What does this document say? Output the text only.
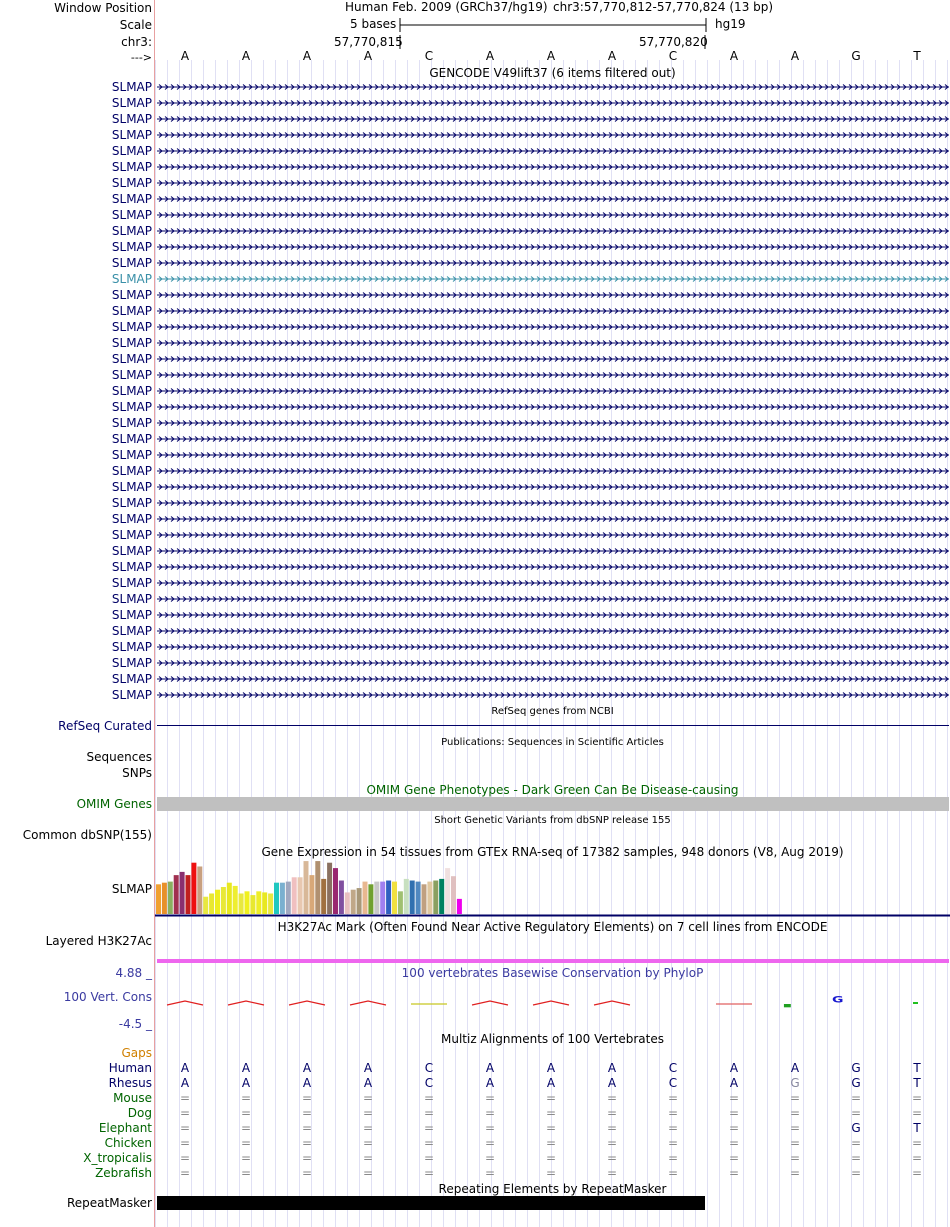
Window Position
Scale
chr3:
--->
Human Feb. 2009 (GRCh37/hg19) chr3:57,770,812-57,770,824 (13 bp)
5 bases	hg19
57,770,815	57,770,820
A	A	A	A	C	A	A	A	C	A	A	G	T
GENCODE V49lift37 (6 items filtered out)
SLMAP
SLMAP
SLMAP
SLMAP
SLMAP
SLMAP
SLMAP
SLMAP
SLMAP
SLMAP
SLMAP
SLMAP
SLMAP
SLMAP
SLMAP
SLMAP
SLMAP
SLMAP
SLMAP
SLMAP
SLMAP
SLMAP
SLMAP
SLMAP
SLMAP
SLMAP
SLMAP
SLMAP
SLMAP
SLMAP
SLMAP
SLMAP
SLMAP
SLMAP
SLMAP
SLMAP
SLMAP
SLMAP
SLMAP
RefSeq genes from NCBI
RefSeq Curated
Publications: Sequences in Scientific Articles
Sequences
SNPs
OMIM Gene Phenotypes - Dark Green Can Be Disease-causing
OMIM Genes
Short Genetic Variants from dbSNP release 155
Common dbSNP(155)
Gene Expression in 54 tissues from GTEx RNA-seq of 17382 samples, 948 donors (V8, Aug 2019)
SLMAP
H3K27Ac Mark (Often Found Near Active Regulatory Elements) on 7 cell lines from ENCODE
Layered H3K27Ac
100 vertebrates Basewise Conservation by PhyloP
4.88 _
100 Vert. Cons
-4.5 _
▬
G
Multiz Alignments of 100 Vertebrates
Gaps
Human	A	A	A	A	C	A	A	A	C	A	A	G	T
Rhesus	A	A	A	A	C	A	A	A	C	A	G	G	T
Mouse	=	=	=	=	=	=	=	=	=	=	=	=	=
Dog	=	=	=	=	=	=	=	=	=	=	=	=	=
Elephant	=	=	=	=	=	=	=	=	=	=	=	G	T
Chicken	=	=	=	=	=	=	=	=	=	=	=	=	=
X_tropicalis	=	=	=	=	=	=	=	=	=	=	=	=	=
Zebrafish	=	=	=	=	=	=	=	=	=	=	=	=	=
Repeating Elements by RepeatMasker
RepeatMasker
